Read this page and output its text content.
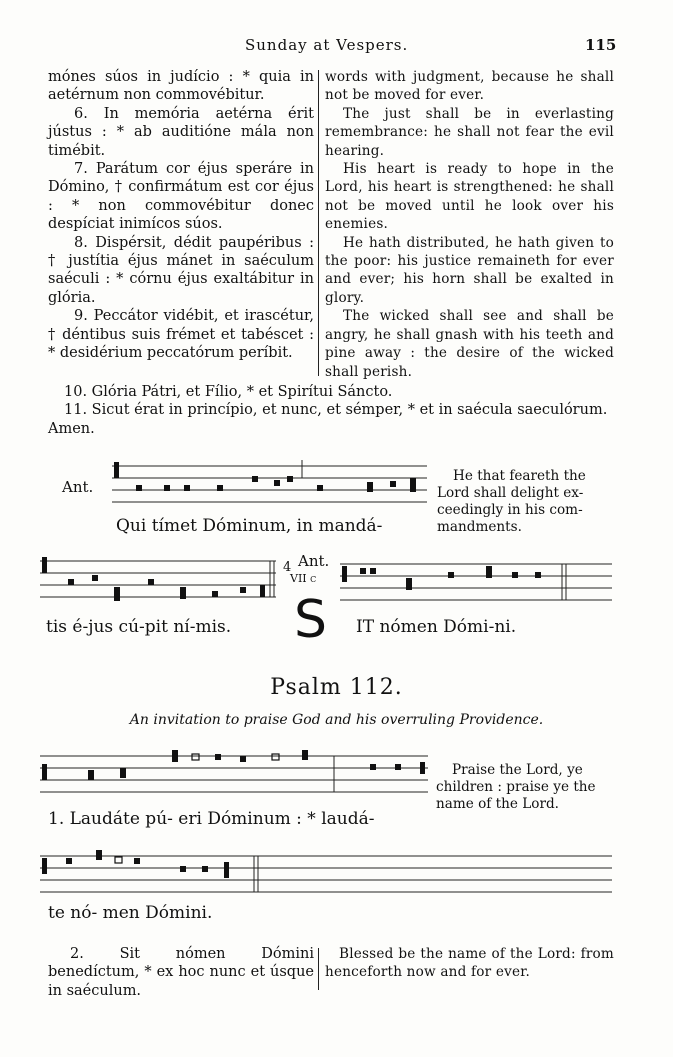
Sunday at Vespers.	115

mónes súos in judício : * quia in aetérnum non commovébitur.

6. In memória aetérna érit jústus : * ab auditióne mála non timébit.

7. Parátum cor éjus speráre in Dómino, † confirmátum est cor éjus : * non commovébitur donec despíciat inimícos súos.

8. Dispérsit, dédit paupéribus : † justítia éjus mánet in saéculum saéculi : * córnu éjus exaltábitur in glória.

9. Peccátor vidébit, et irascétur, † déntibus suis frémet et tabéscet : * desidérium peccatórum períbit.

words with judgment, because he shall not be moved for ever.

The just shall be in everlasting remembrance: he shall not fear the evil hearing.

His heart is ready to hope in the Lord, his heart is strengthened: he shall not be moved until he look over his enemies.

He hath distributed, he hath given to the poor: his justice remaineth for ever and ever; his horn shall be exalted in glory.

The wicked shall see and shall be angry, he shall gnash with his teeth and pine away : the desire of the wicked shall perish.

10. Glória Pátri, et Fílio, * et Spirítui Sáncto.

11. Sicut érat in princípio, et nunc, et sémper, * et in saécula saeculórum. Amen.

Ant.
Qui tímet Dóminum, in mandá-
He that feareth the
Lord shall delight ex-
ceedingly in his com-
mandments.
tis é-jus cú-pit ní-mis.
4 Ant.
VII c
S IT nómen Dómi-ni.
Psalm 112.
An invitation to praise God and his overruling Providence.
1. Laudáte pú- eri Dóminum : * laudá-
Praise the Lord, ye
children : praise ye the
name of the Lord.
te nó- men Dómini.

2. Sit nómen Dómini benedíctum, * ex hoc nunc et úsque in saéculum.

Blessed be the name of the Lord: from henceforth now and for ever.
